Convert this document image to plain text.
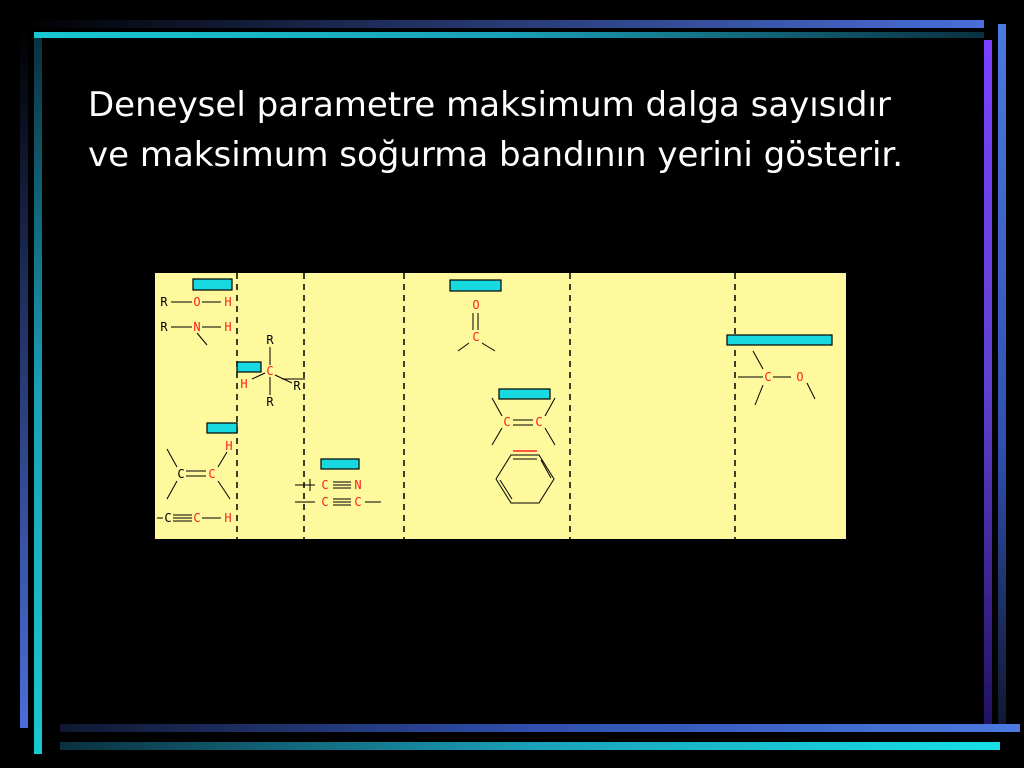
Deneysel parametre maksimum dalga sayısıdır
ve maksimum soğurma bandının yerini gösterir.
R O H
R N H
R
C
H	R
R
C C
H
C C H
C N
C C
O
C
C C
C O
